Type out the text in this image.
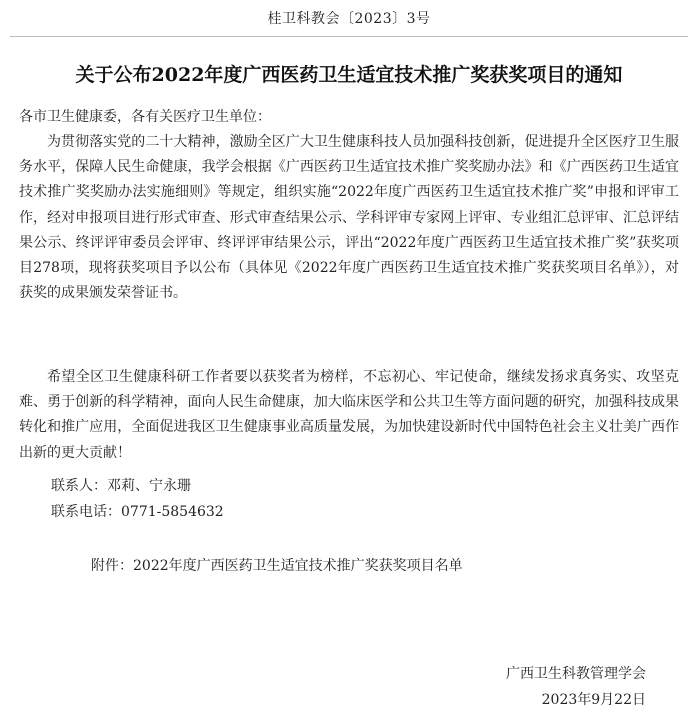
桂卫科教会〔2023〕3号
关于公布2022年度广西医药卫生适宜技术推广奖获奖项目的通知
各市卫生健康委，各有关医疗卫生单位：

为贯彻落实党的二十大精神，激励全区广大卫生健康科技人员加强科技创新，促进提升全区医疗卫生服务水平，保障人民生命健康，我学会根据《广西医药卫生适宜技术推广奖奖励办法》和《广西医药卫生适宜技术推广奖奖励办法实施细则》等规定，组织实施“2022年度广西医药卫生适宜技术推广奖”申报和评审工作，经对申报项目进行形式审查、形式审查结果公示、学科评审专家网上评审、专业组汇总评审、汇总评结果公示、终评评审委员会评审、终评评审结果公示，评出“2022年度广西医药卫生适宜技术推广奖”获奖项目278项，现将获奖项目予以公布（具体见《2022年度广西医药卫生适宜技术推广奖获奖项目名单》），对获奖的成果颁发荣誉证书。

希望全区卫生健康科研工作者要以获奖者为榜样，不忘初心、牢记使命，继续发扬求真务实、攻坚克难、勇于创新的科学精神，面向人民生命健康，加大临床医学和公共卫生等方面问题的研究，加强科技成果转化和推广应用，全面促进我区卫生健康事业高质量发展，为加快建设新时代中国特色社会主义壮美广西作出新的更大贡献！

联系人：邓莉、宁永珊
联系电话：0771-5854632
附件：2022年度广西医药卫生适宜技术推广奖获奖项目名单
广西卫生科教管理学会
2023年9月22日
